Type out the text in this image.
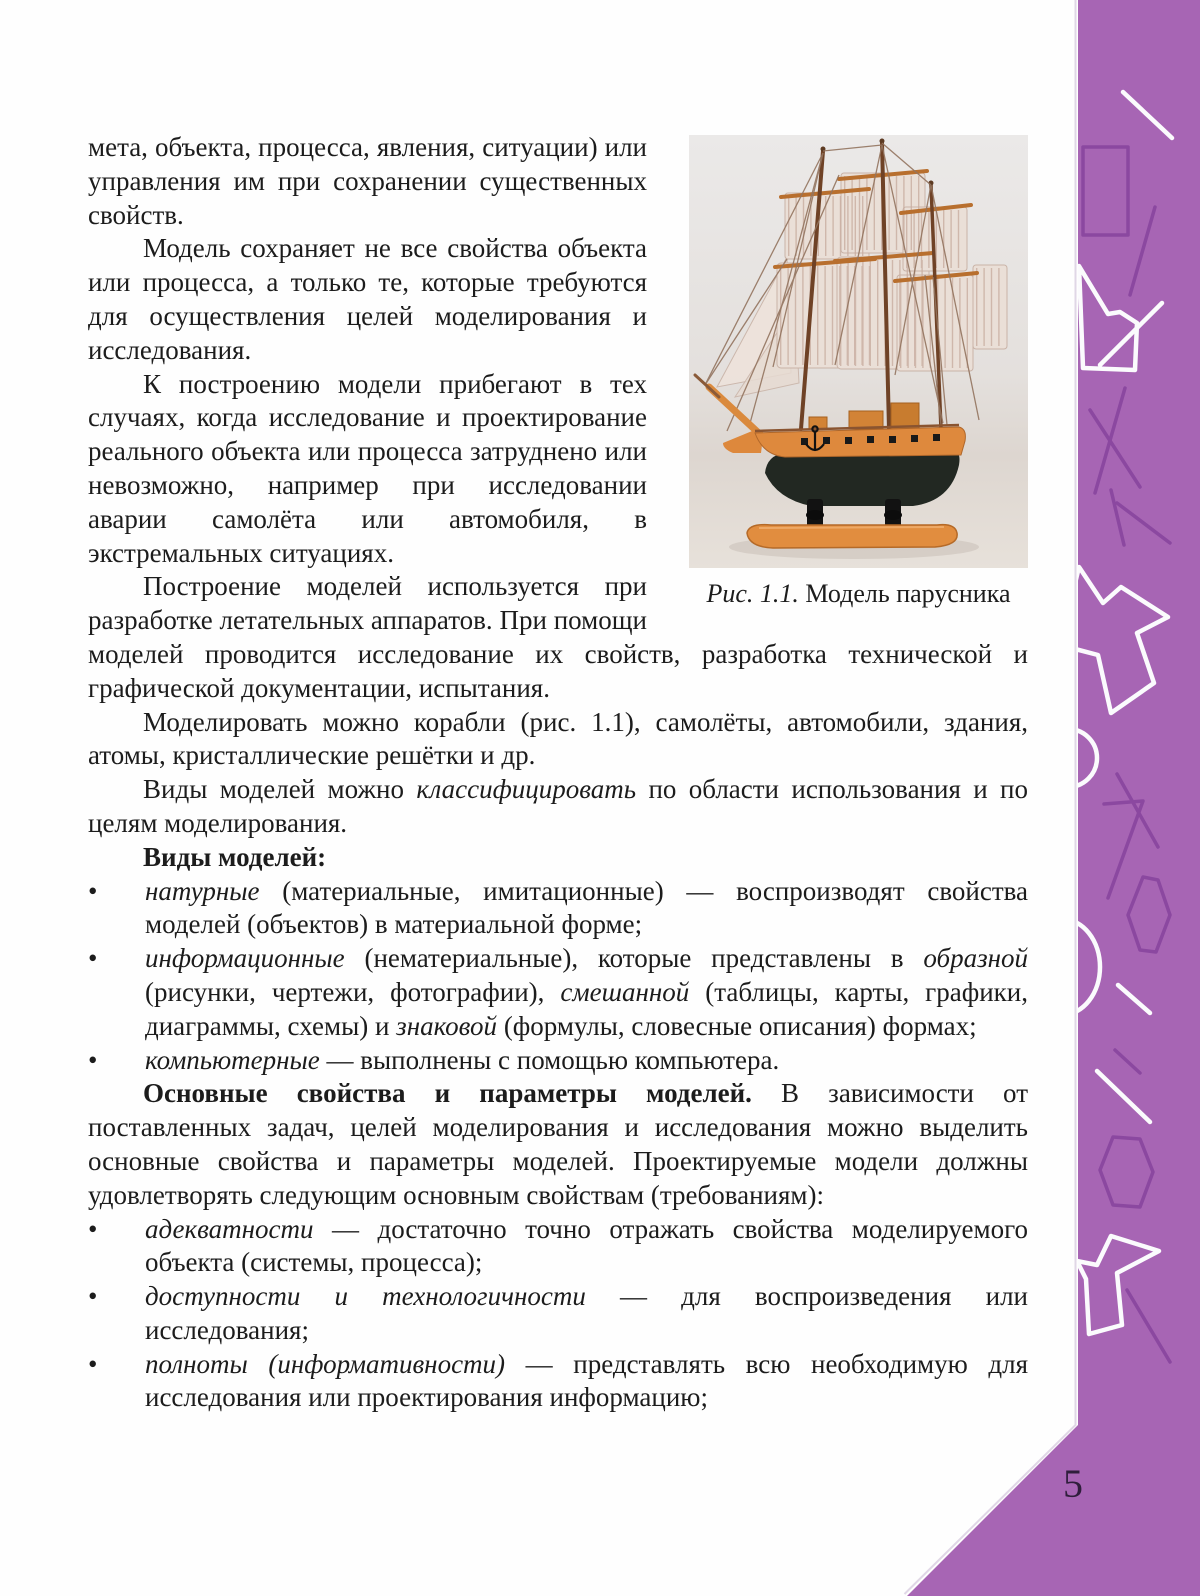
5
Рис. 1.1. Модель парусника

мета, объекта, процесса, явления, ситуации) или управления им при сохранении существенных свойств.

Модель сохраняет не все свойства объекта или процесса, а только те, которые требуются для осуществления целей моделирования и исследования.

К построению модели прибегают в тех случаях, когда исследование и проектирование реального объекта или процесса затруднено или невозможно, например при исследовании аварии самолёта или автомобиля, в экстремальных ситуациях.

Построение моделей используется при разработке летательных аппаратов. При помощи моделей проводится исследование их свойств, разработка технической и графической документации, испытания.

Моделировать можно корабли (рис. 1.1), самолёты, автомобили, здания, атомы, кристаллические решётки и др.

Виды моделей можно классифицировать по области использования и по целям моделирования.

Виды моделей:

•	натурные (материальные, имитационные) — воспроизводят свойства моделей (объектов) в материальной форме;
•	информационные (нематериальные), которые представлены в образной (рисунки, чертежи, фотографии), смешанной (таблицы, карты, графики, диаграммы, схемы) и знаковой (формулы, словесные описания) формах;
•	компьютерные — выполнены с помощью компьютера.

Основные свойства и параметры моделей. В зависимости от поставленных задач, целей моделирования и исследования можно выделить основные свойства и параметры моделей. Проектируемые модели должны удовлетворять следующим основным свойствам (требованиям):

•	адекватности — достаточно точно отражать свойства моделируемого объекта (системы, процесса);
•	доступности и технологичности — для воспроизведения или исследования;
•	полноты (информативности) — представлять всю необходимую для исследования или проектирования информацию;
